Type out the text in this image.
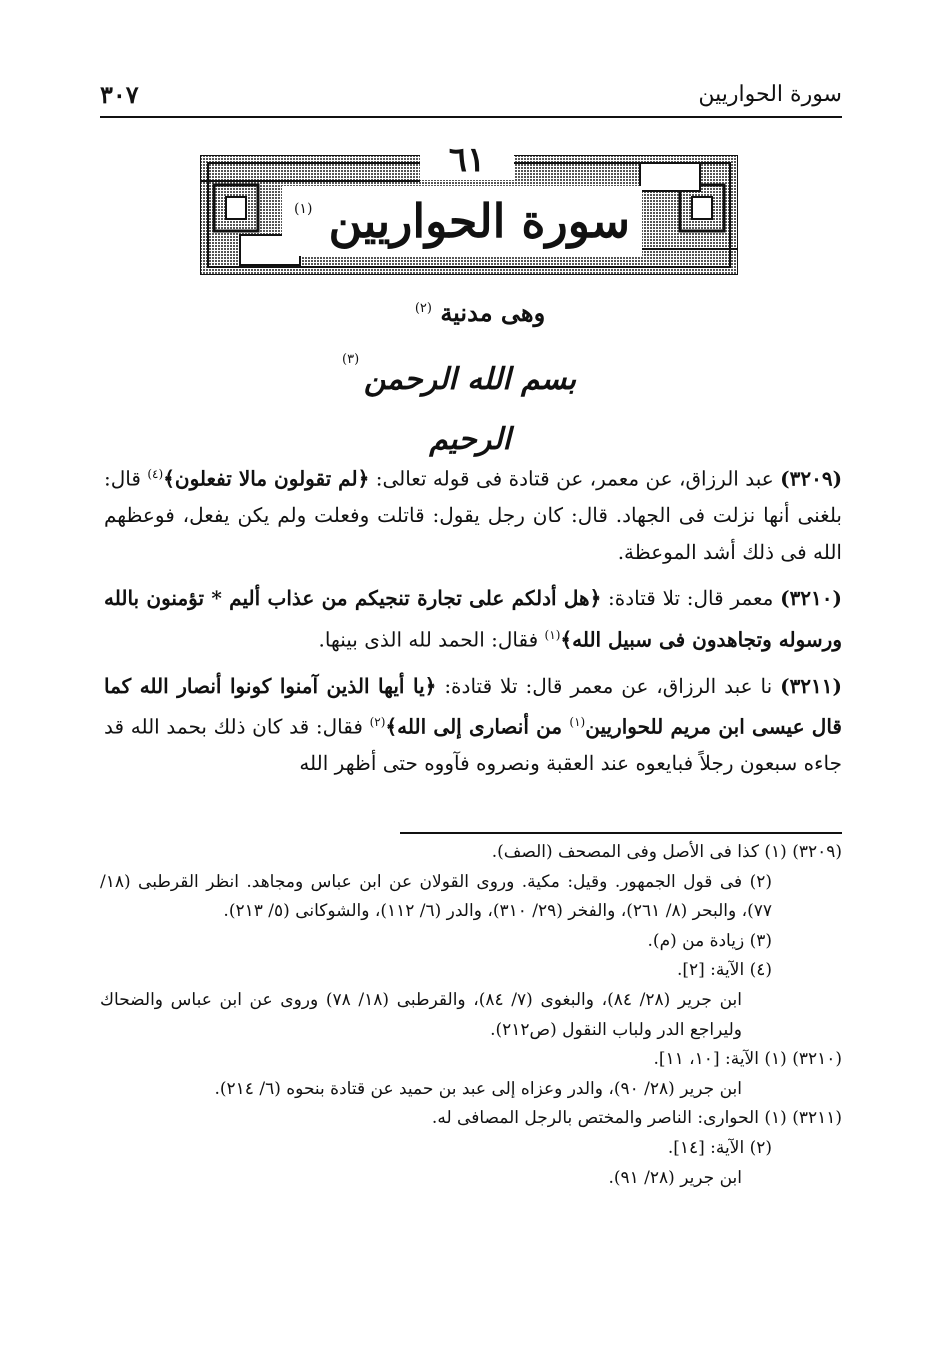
سورة الحواريين
٣٠٧
٦١
سورة الحواريين $^{(١)}$
وهى مدنية $^{(٢)}$
بسم الله الرحمن الرحيم
(٣)

(٣٢٠٩) عبد الرزاق، عن معمر، عن قتادة فى قوله تعالى: ﴿لم تقولون مالا تفعلون﴾$^{(٤)}$ قال: بلغنى أنها نزلت فى الجهاد. قال: كان رجل يقول: قاتلت وفعلت ولم يكن يفعل، فوعظهم الله فى ذلك أشد الموعظة.

(٣٢١٠) معمر قال: تلا قتادة: ﴿هل أدلكم على تجارة تنجيكم من عذاب أليم * تؤمنون بالله ورسوله وتجاهدون فى سبيل الله﴾$^{(١)}$ فقال: الحمد لله الذى بينها.

(٣٢١١) نا عبد الرزاق، عن معمر قال: تلا قتادة: ﴿يا أيها الذين آمنوا كونوا أنصار الله كما قال عيسى ابن مريم للحواريين$^{(١)}$ من أنصارى إلى الله﴾$^{(٢)}$ فقال: قد كان ذلك بحمد الله قد جاءه سبعون رجلاً فبايعوه عند العقبة ونصروه فآووه حتى أظهر الله

(٣٢٠٩) (١) كذا فى الأصل وفى المصحف (الصف).

(٢) فى قول الجمهور. وقيل: مكية. وروى القولان عن ابن عباس ومجاهد. انظر القرطبى (١٨/ ٧٧)، والبحر (٨/ ٢٦١)، والفخر (٢٩/ ٣١٠)، والدر (٦/ ١١٢)، والشوكانى (٥/ ٢١٣).

(٣) زيادة من (م).

(٤) الآية: [٢].

ابن جرير (٢٨/ ٨٤)، والبغوى (٧/ ٨٤)، والقرطبى (١٨/ ٧٨) وروى عن ابن عباس والضحاك وليراجع الدر ولباب النقول (ص٢١٢).

(٣٢١٠) (١) الآية: [١٠، ١١].

ابن جرير (٢٨/ ٩٠)، والدر وعزاه إلى عبد بن حميد عن قتادة بنحوه (٦/ ٢١٤).

(٣٢١١) (١) الحوارى: الناصر والمختص بالرجل المصافى له.

(٢) الآية: [١٤].

ابن جرير (٢٨/ ٩١).
